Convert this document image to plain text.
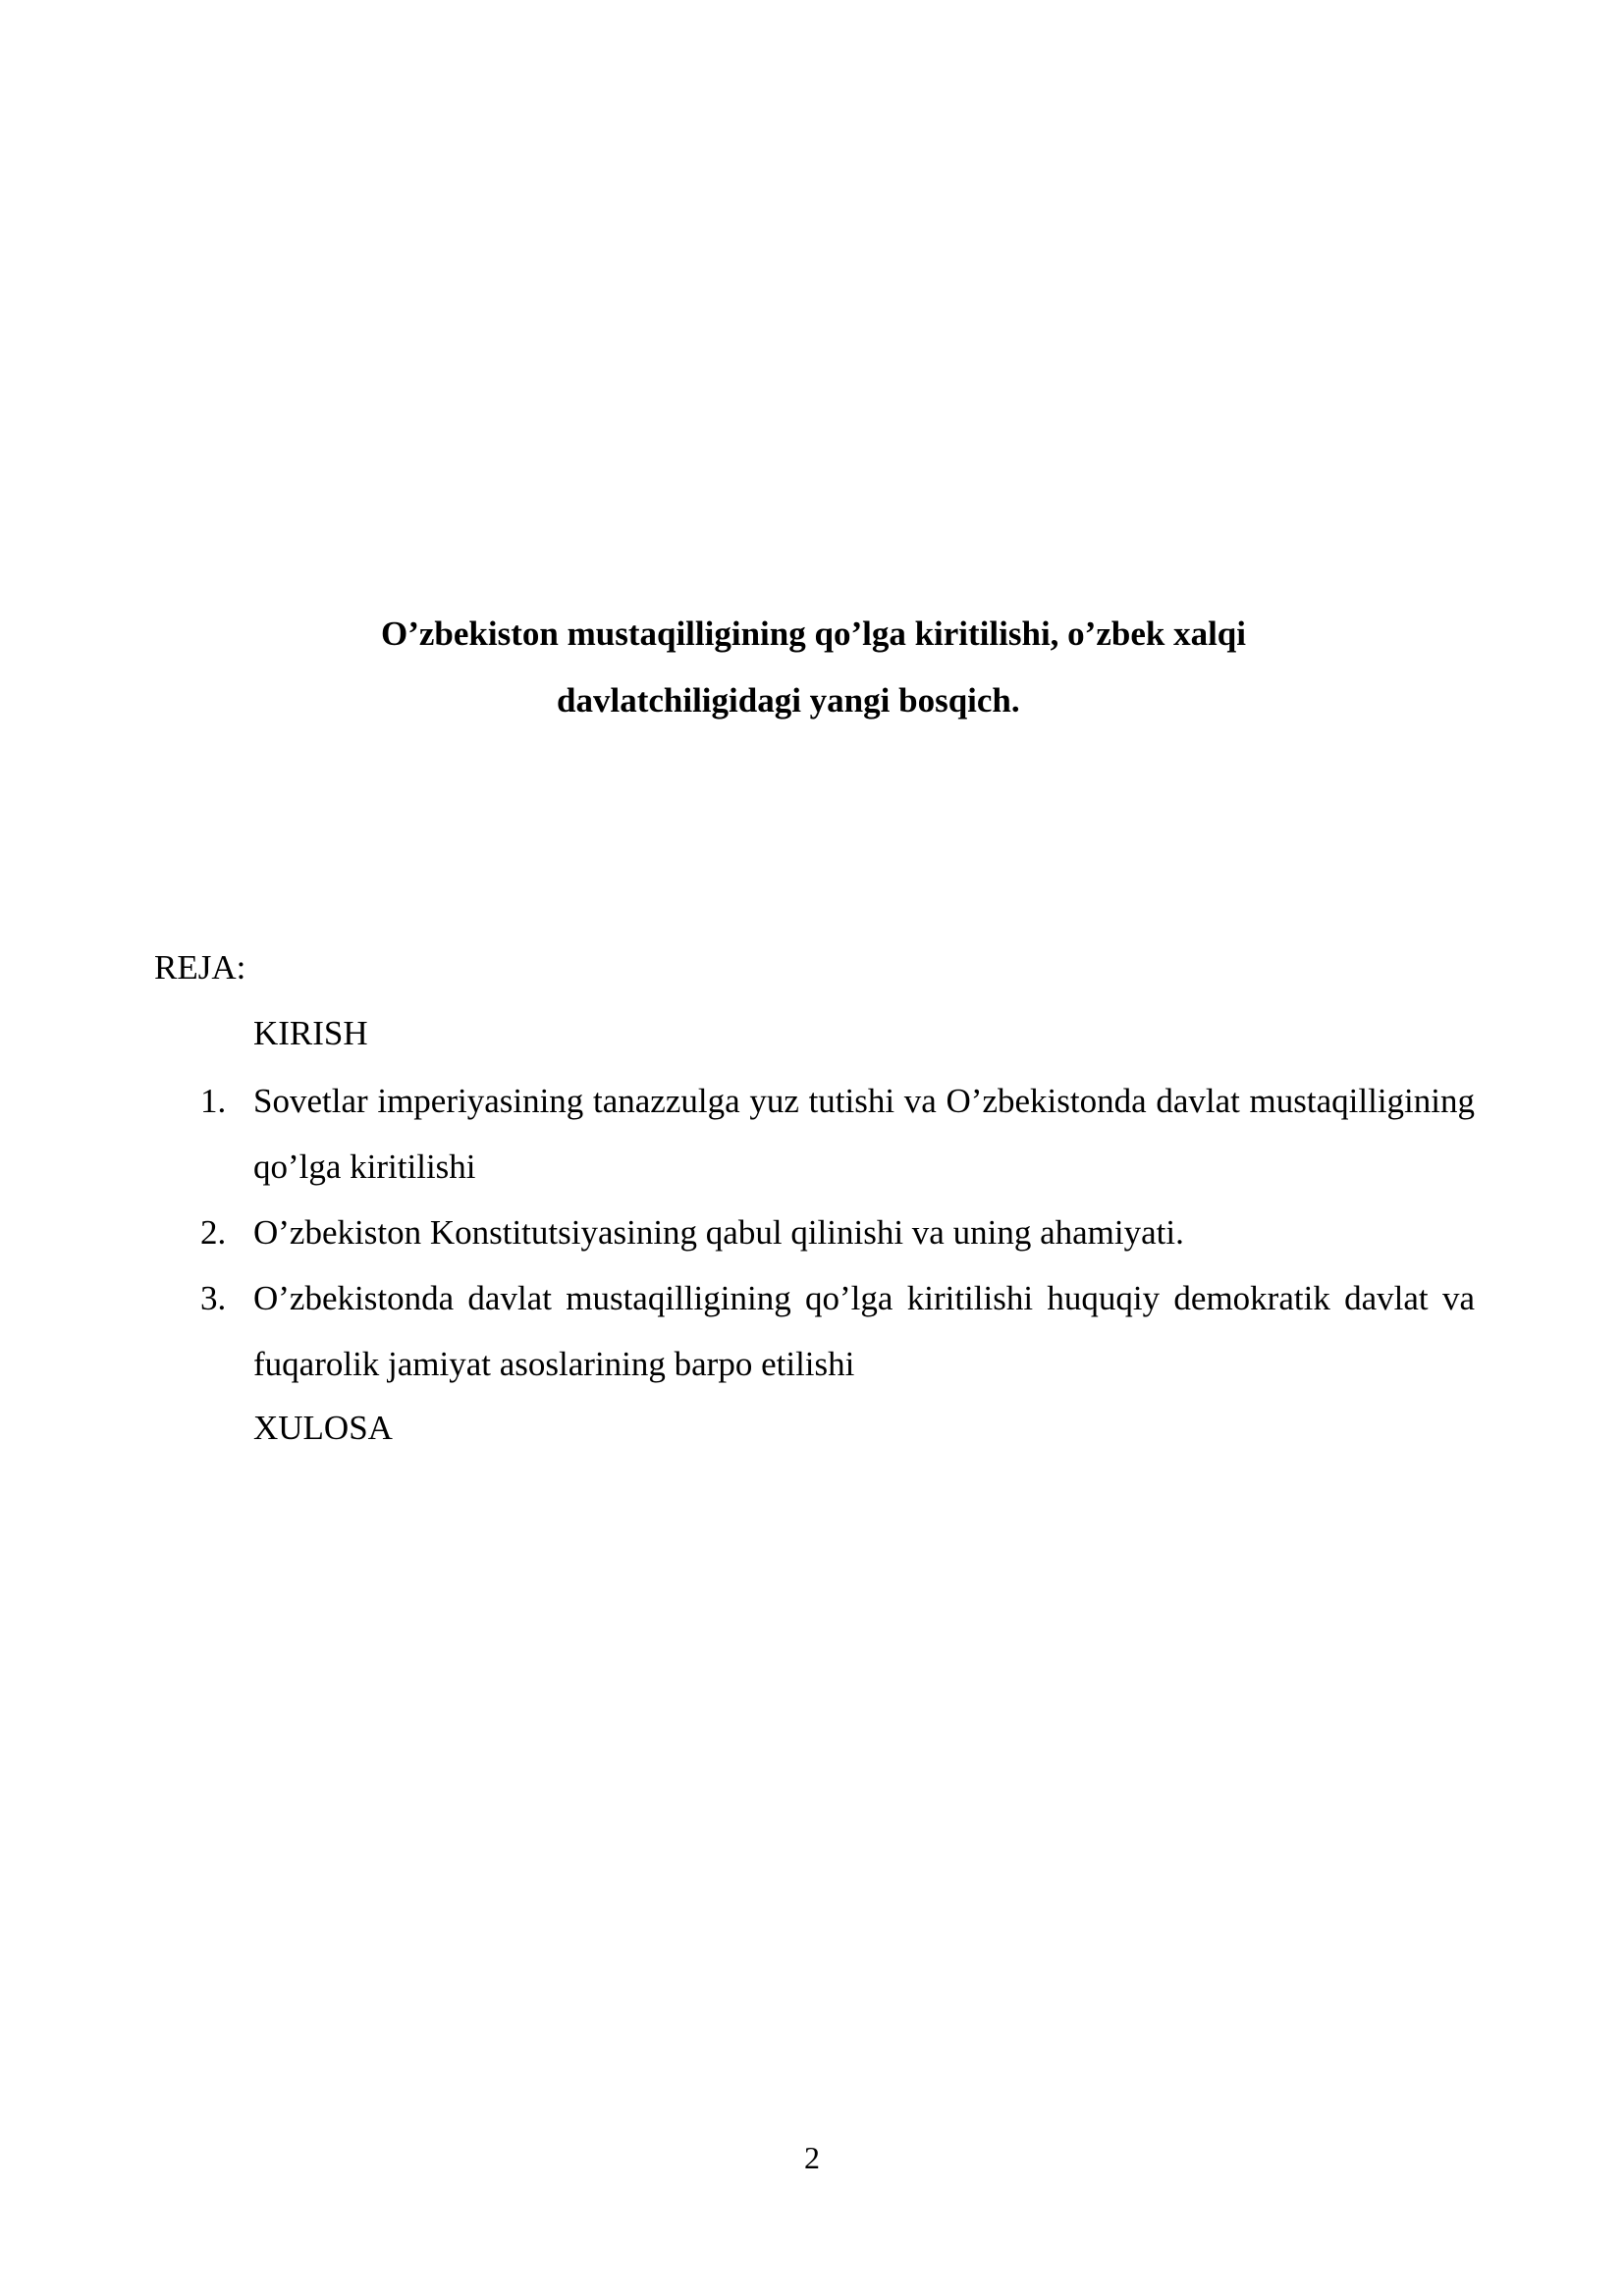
O’zbekiston mustaqilligining qo’lga kiritilishi, o’zbek xalqi
davlatchiligidagi yangi bosqich.
REJA:
KIRISH
1. Sovetlar imperiyasining tanazzulga yuz tutishi va O’zbekistonda davlat mustaqilligining qo’lga kiritilishi
2. O’zbekiston Konstitutsiyasining qabul qilinishi va uning ahamiyati.
3. O’zbekistonda davlat mustaqilligining qo’lga kiritilishi huquqiy demokratik davlat va fuqarolik jamiyat asoslarining barpo etilishi
XULOSA
2
